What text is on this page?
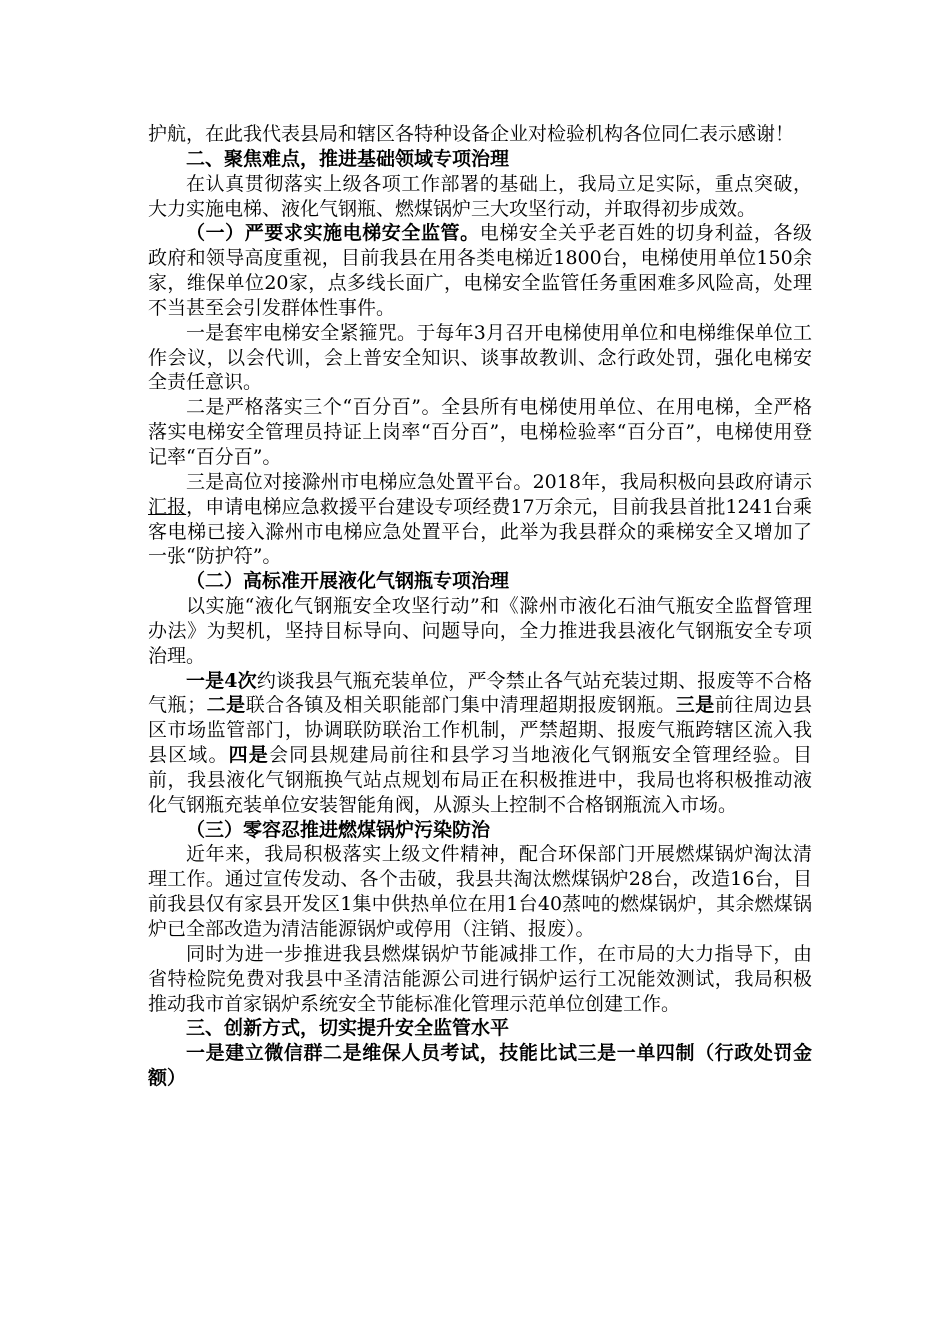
护航，在此我代表县局和辖区各特种设备企业对检验机构各位同仁表示感谢！

二、聚焦难点，推进基础领域专项治理

在认真贯彻落实上级各项工作部署的基础上，我局立足实际，重点突破，大力实施电梯、液化气钢瓶、燃煤锅炉三大攻坚行动，并取得初步成效。

（一）严要求实施电梯安全监管。电梯安全关乎老百姓的切身利益，各级政府和领导高度重视，目前我县在用各类电梯近1800台，电梯使用单位150余家，维保单位20家，点多线长面广，电梯安全监管任务重困难多风险高，处理不当甚至会引发群体性事件。

一是套牢电梯安全紧箍咒。于每年3月召开电梯使用单位和电梯维保单位工作会议，以会代训，会上普安全知识、谈事故教训、念行政处罚，强化电梯安全责任意识。

二是严格落实三个“百分百”。全县所有电梯使用单位、在用电梯，全严格落实电梯安全管理员持证上岗率“百分百”，电梯检验率“百分百”，电梯使用登记率“百分百”。

三是高位对接滁州市电梯应急处置平台。2018年，我局积极向县政府请示汇报，申请电梯应急救援平台建设专项经费17万余元，目前我县首批1241台乘客电梯已接入滁州市电梯应急处置平台，此举为我县群众的乘梯安全又增加了一张“防护符”。

（二）高标准开展液化气钢瓶专项治理

以实施“液化气钢瓶安全攻坚行动”和《滁州市液化石油气瓶安全监督管理办法》为契机，坚持目标导向、问题导向，全力推进我县液化气钢瓶安全专项治理。

一是4次约谈我县气瓶充装单位，严令禁止各气站充装过期、报废等不合格气瓶；二是联合各镇及相关职能部门集中清理超期报废钢瓶。三是前往周边县区市场监管部门，协调联防联治工作机制，严禁超期、报废气瓶跨辖区流入我县区域。四是会同县规建局前往和县学习当地液化气钢瓶安全管理经验。目前，我县液化气钢瓶换气站点规划布局正在积极推进中，我局也将积极推动液化气钢瓶充装单位安装智能角阀，从源头上控制不合格钢瓶流入市场。

（三）零容忍推进燃煤锅炉污染防治

近年来，我局积极落实上级文件精神，配合环保部门开展燃煤锅炉淘汰清理工作。通过宣传发动、各个击破，我县共淘汰燃煤锅炉28台，改造16台，目前我县仅有家县开发区1集中供热单位在用1台40蒸吨的燃煤锅炉，其余燃煤锅炉已全部改造为清洁能源锅炉或停用（注销、报废）。

同时为进一步推进我县燃煤锅炉节能减排工作，在市局的大力指导下，由省特检院免费对我县中圣清洁能源公司进行锅炉运行工况能效测试，我局积极推动我市首家锅炉系统安全节能标准化管理示范单位创建工作。

三、创新方式，切实提升安全监管水平

一是建立微信群二是维保人员考试，技能比试三是一单四制（行政处罚金额）
